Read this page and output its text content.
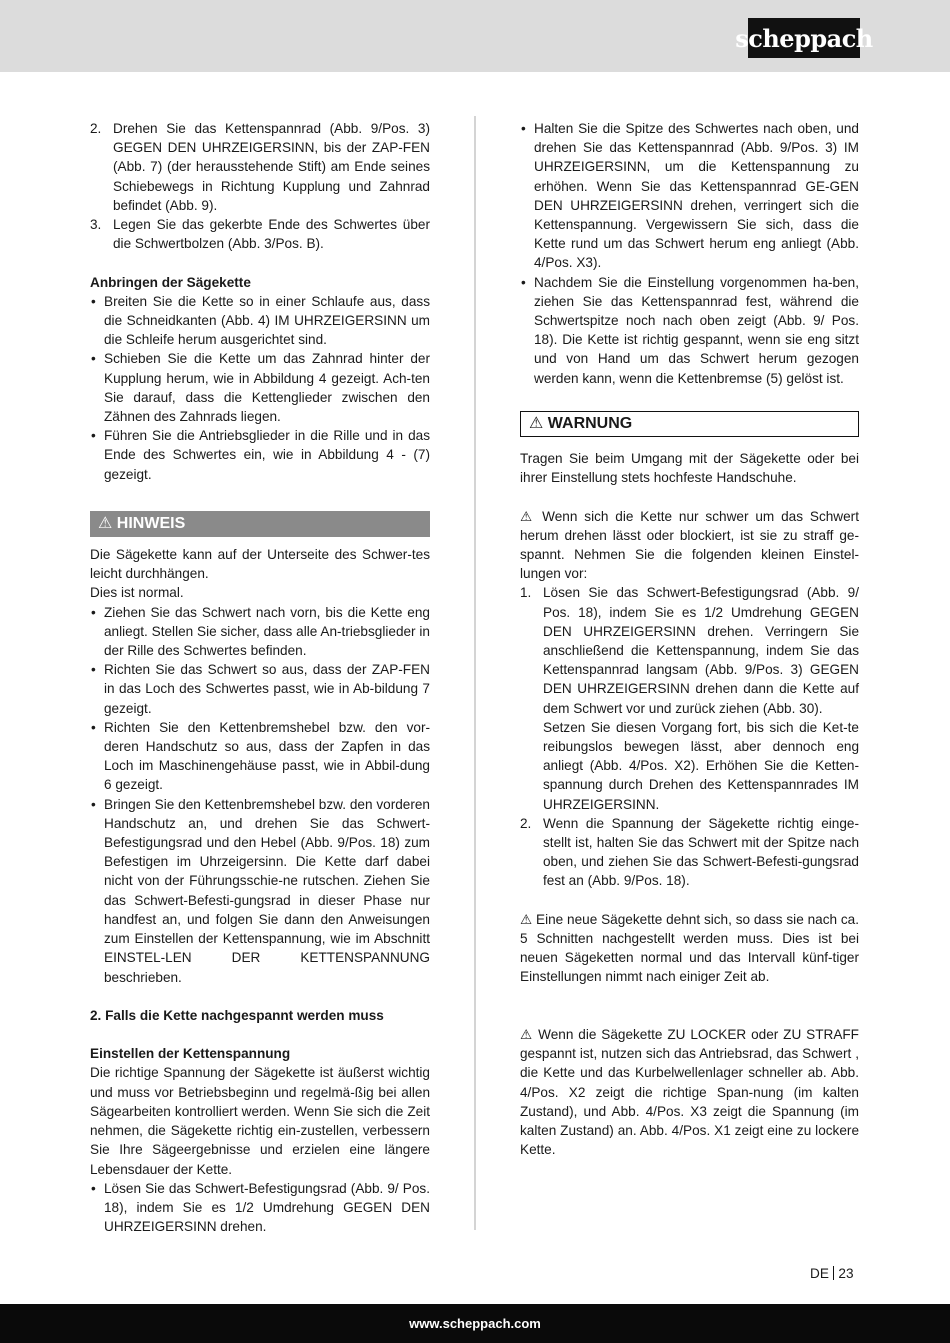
scheppach
2. Drehen Sie das Kettenspannrad (Abb. 9/Pos. 3) GEGEN DEN UHRZEIGERSINN, bis der ZAP-FEN (Abb. 7) (der herausstehende Stift) am Ende seines Schiebewegs in Richtung Kupplung und Zahnrad befindet (Abb. 9).

3. Legen Sie das gekerbte Ende des Schwertes über die Schwertbolzen (Abb. 3/Pos. B).

Anbringen der Sägekette

• Breiten Sie die Kette so in einer Schlaufe aus, dass die Schneidkanten (Abb. 4) IM UHRZEIGERSINN um die Schleife herum ausgerichtet sind.

• Schieben Sie die Kette um das Zahnrad hinter der Kupplung herum, wie in Abbildung 4 gezeigt. Ach-ten Sie darauf, dass die Kettenglieder zwischen den Zähnen des Zahnrads liegen.

• Führen Sie die Antriebsglieder in die Rille und in das Ende des Schwertes ein, wie in Abbildung 4 - (7) gezeigt.

⚠ HINWEIS

Die Sägekette kann auf der Unterseite des Schwer-tes leicht durchhängen.

Dies ist normal.

• Ziehen Sie das Schwert nach vorn, bis die Kette eng anliegt. Stellen Sie sicher, dass alle An-triebsglieder in der Rille des Schwertes befinden.

• Richten Sie das Schwert so aus, dass der ZAP-FEN in das Loch des Schwertes passt, wie in Ab-bildung 7 gezeigt.

• Richten Sie den Kettenbremshebel bzw. den vor-deren Handschutz so aus, dass der Zapfen in das Loch im Maschinengehäuse passt, wie in Abbil-dung 6 gezeigt.

• Bringen Sie den Kettenbremshebel bzw. den vorderen Handschutz an, und drehen Sie das Schwert-Befestigungsrad und den Hebel (Abb. 9/Pos. 18) zum Befestigen im Uhrzeigersinn. Die Kette darf dabei nicht von der Führungsschie-ne rutschen. Ziehen Sie das Schwert-Befesti-gungsrad in dieser Phase nur handfest an, und folgen Sie dann den Anweisungen zum Einstellen der Kettenspannung, wie im Abschnitt EINSTEL-LEN DER KETTENSPANNUNG beschrieben.

2. Falls die Kette nachgespannt werden muss

Einstellen der Kettenspannung

Die richtige Spannung der Sägekette ist äußerst wichtig und muss vor Betriebsbeginn und regelmä-ßig bei allen Sägearbeiten kontrolliert werden. Wenn Sie sich die Zeit nehmen, die Sägekette richtig ein-zustellen, verbessern Sie Ihre Sägeergebnisse und erzielen eine längere Lebensdauer der Kette.

• Lösen Sie das Schwert-Befestigungsrad (Abb. 9/ Pos. 18), indem Sie es 1/2 Umdrehung GEGEN DEN UHRZEIGERSINN drehen.

• Halten Sie die Spitze des Schwertes nach oben, und drehen Sie das Kettenspannrad (Abb. 9/Pos. 3) IM UHRZEIGERSINN, um die Kettenspannung zu erhöhen. Wenn Sie das Kettenspannrad GE-GEN DEN UHRZEIGERSINN drehen, verringert sich die Kettenspannung. Vergewissern Sie sich, dass die Kette rund um das Schwert herum eng anliegt (Abb. 4/Pos. X3).

• Nachdem Sie die Einstellung vorgenommen ha-ben, ziehen Sie das Kettenspannrad fest, während die Schwertspitze noch nach oben zeigt (Abb. 9/ Pos. 18). Die Kette ist richtig gespannt, wenn sie eng sitzt und von Hand um das Schwert herum gezogen werden kann, wenn die Kettenbremse (5) gelöst ist.

⚠ WARNUNG

Tragen Sie beim Umgang mit der Sägekette oder bei ihrer Einstellung stets hochfeste Handschuhe.

⚠ Wenn sich die Kette nur schwer um das Schwert herum drehen lässt oder blockiert, ist sie zu straff ge-spannt. Nehmen Sie die folgenden kleinen Einstel-lungen vor:

1. Lösen Sie das Schwert-Befestigungsrad (Abb. 9/ Pos. 18), indem Sie es 1/2 Umdrehung GEGEN DEN UHRZEIGERSINN drehen. Verringern Sie anschließend die Kettenspannung, indem Sie das Kettenspannrad langsam (Abb. 9/Pos. 3) GEGEN DEN UHRZEIGERSINN drehen dann die Kette auf dem Schwert vor und zurück ziehen (Abb. 30).

Setzen Sie diesen Vorgang fort, bis sich die Ket-te reibungslos bewegen lässt, aber dennoch eng anliegt (Abb. 4/Pos. X2). Erhöhen Sie die Ketten-spannung durch Drehen des Kettenspannrades IM UHRZEIGERSINN.

2. Wenn die Spannung der Sägekette richtig einge-stellt ist, halten Sie das Schwert mit der Spitze nach oben, und ziehen Sie das Schwert-Befesti-gungsrad fest an (Abb. 9/Pos. 18).

⚠ Eine neue Sägekette dehnt sich, so dass sie nach ca. 5 Schnitten nachgestellt werden muss. Dies ist bei neuen Sägeketten normal und das Intervall künf-tiger Einstellungen nimmt nach einiger Zeit ab.

⚠ Wenn die Sägekette ZU LOCKER oder ZU STRAFF gespannt ist, nutzen sich das Antriebsrad, das Schwert , die Kette und das Kurbelwellenlager schneller ab. Abb. 4/Pos. X2 zeigt die richtige Span-nung (im kalten Zustand), und Abb. 4/Pos. X3 zeigt die Spannung (im kalten Zustand) an. Abb. 4/Pos. X1 zeigt eine zu lockere Kette.

DE 23
www.scheppach.com
